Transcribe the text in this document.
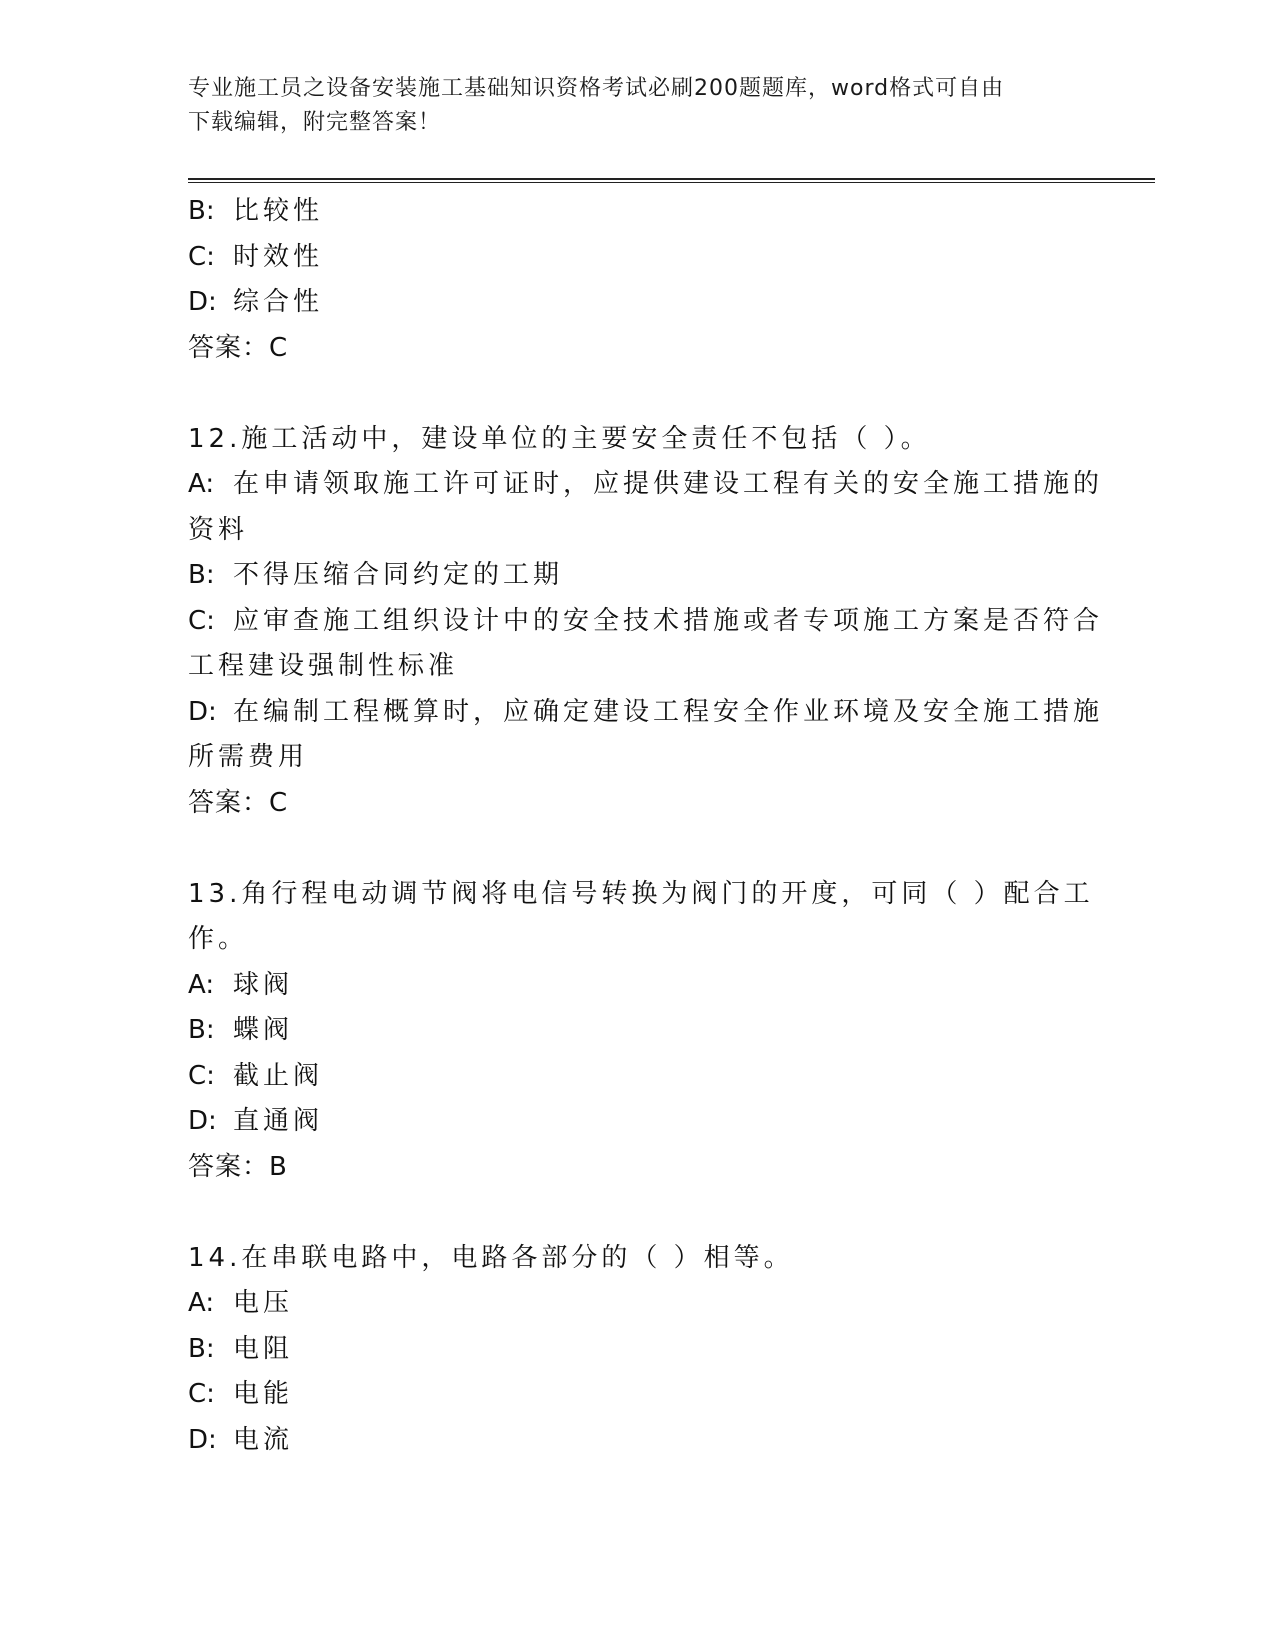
专业施工员之设备安装施工基础知识资格考试必刷200题题库，word格式可自由
下载编辑，附完整答案！
B: 比较性
C: 时效性
D: 综合性
答案：C
12.施工活动中，建设单位的主要安全责任不包括（ ）。
A: 在申请领取施工许可证时，应提供建设工程有关的安全施工措施的
资料
B: 不得压缩合同约定的工期
C: 应审查施工组织设计中的安全技术措施或者专项施工方案是否符合
工程建设强制性标准
D: 在编制工程概算时，应确定建设工程安全作业环境及安全施工措施
所需费用
答案：C
13.角行程电动调节阀将电信号转换为阀门的开度，可同（ ）配合工
作。
A: 球阀
B: 蝶阀
C: 截止阀
D: 直通阀
答案：B
14.在串联电路中，电路各部分的（ ）相等。
A: 电压
B: 电阻
C: 电能
D: 电流
